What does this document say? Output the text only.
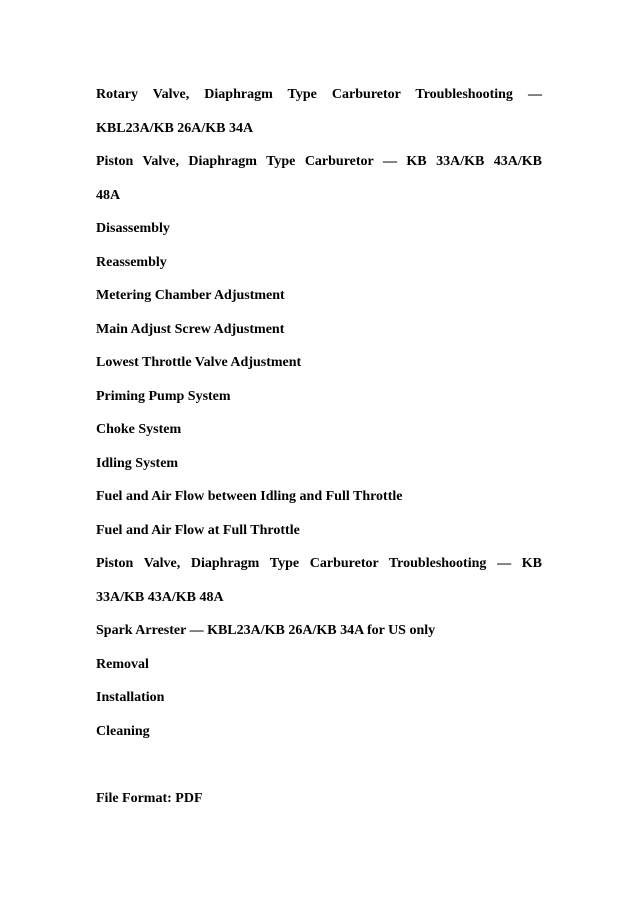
Rotary Valve, Diaphragm Type Carburetor Troubleshooting —
KBL23A/KB 26A/KB 34A
Piston Valve, Diaphragm Type Carburetor — KB 33A/KB 43A/KB
48A
Disassembly
Reassembly
Metering Chamber Adjustment
Main Adjust Screw Adjustment
Lowest Throttle Valve Adjustment
Priming Pump System
Choke System
Idling System
Fuel and Air Flow between Idling and Full Throttle
Fuel and Air Flow at Full Throttle
Piston Valve, Diaphragm Type Carburetor Troubleshooting — KB
33A/KB 43A/KB 48A
Spark Arrester — KBL23A/KB 26A/KB 34A for US only
Removal
Installation
Cleaning
File Format: PDF
